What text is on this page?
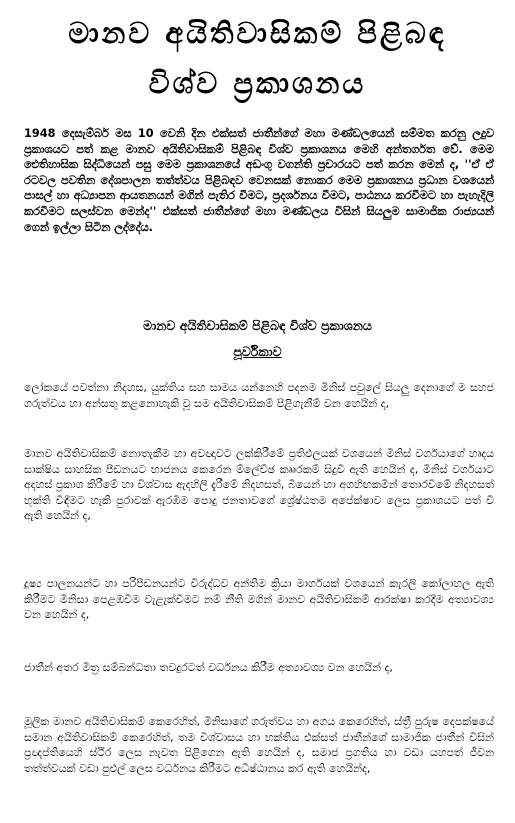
මානව අයිතිවාසිකම් පිළිබඳ
විශ්ව ප්‍රකාශනය

1948 දෙසැම්බර් මස 10 වෙනි දින එක්සත් ජාතීන්ගේ මහා මණ්ඩලයෙන් සම්මත කරනු ලදුව ප්‍රකාශයට පත් කළ මානව අයිතිවාසිකම් පිළිබඳ විශ්ව ප්‍රකාශනය මෙහි අන්තර්ගත වේ. මෙම ඓතිහාසික සිද්ධියෙන් පසු මෙම ප්‍රකාශනයේ අඩංගු වගන්ති ප්‍රචාරයට පත් කරන මෙන් ද, ''ඒ ඒ රටවල පවතින දේශපාලන තත්ත්වය පිළිබඳව වෙනසක් නොකර මෙම ප්‍රකාශනය ප්‍රධාන වශයෙන් පාසල් හා අධ්‍යාපන ආයතනයන් මගින් පැතිර වීමට, ප්‍රදර්ශනය වීමට, පාඨනය කරවීමට හා පැහැදිලි කරවීමට සලස්වන මෙන්ද'' එක්සත් ජාතීන්ගේ මහා මණ්ඩලය විසින් සියලුම සාමාජික රාජ්‍යයන් ගෙන් ඉල්ලා සිටින ලද්දේය.

මානව අයිතිවාසිකම් පිළිබඳ විශ්ව ප්‍රකාශනය

පූර්විකාව

ලෝකයේ පවත්නා නිදහස, යුක්තිය සහ සාමය යන්නෙහි පදනම මිනිස් පවුලේ සියලු දෙනාගේ ම සහජ ගරුත්වය හා අන්සතු කළනොහැකි වූ සම අයිතිවාසිකම් පිළිගැනීම් වන හෙයින් ද,

මානව අයිතිවාසිකම් නොතැකීම හා අවඥාවට ලක්කිරීමේ ප්‍රතිඵලයක් වශයෙන් මිනිස් වර්ගයාගේ හෘදය සාක්ෂිය සාහසික පීඩනයට භාජනය කෙරෙන ම්ලේච්ඡ කෲරකම් සිදුවී ඇති හෙයින් ද, මිනිස් වර්ගයාට අදහස් ප්‍රකාශ කිරීමේ හා විශ්වාස ඇදහිලි දැරීමේ නිදහසත්, බියෙන් හා අගහිඟකමින් තොරවීමේ නිදහසත් භුක්ති විඳීමට හැකි පුරාවක් ඇරඹීම පොදු ජනතාවගේ ශ්‍රේෂ්ඨතම අපේක්ෂාව ලෙස ප්‍රකාශයට පත් වී ඇති හෙයින් ද,

දූෂ්‍ය පාලනයන්ට හා පරිපීඩනයන්ට විරුද්ධව අන්තිම ක්‍රියා මාර්ගයක් වශයෙන් කැරලි කෝලාහල ඇති කිරීමට මිනිසා පෙළඹවීම වැළැක්වීමට නම් නීති මගින් මානව අයිතිවාසිකම් ආරක්ෂා කරදීම අත්‍යාවශ්‍ය වන හෙයින් ද,

ජාතීන් අතර මිත්‍ර සම්බන්ධතා තවදුරටත් වර්ධනය කිරීම අත්‍යාවශ්‍ය වන හෙයින් ද,

මූලික මානව අයිතිවාසිකම් කෙරෙහිත්, මිනිසාගේ ගරුත්වය හා අගය කෙරෙහිත්, ස්ත්‍රී පුරුෂ දෙපක්ෂයේ සමාන අයිතිවාසිකම් කෙරෙහිත්, තම විශ්වාසය හා භක්තිය එක්සත් ජාතීන්ගේ සාමාජික ජාතීන් විසින් ප්‍රඥප්තියෙහි ස්ථිර ලෙස නැවත පිළිගෙන ඇති හෙයින් ද, සමාජ ප්‍රගතිය හා වඩා යහපත් ජීවන තත්ත්වයක් වඩා පුළුල් ලෙස වර්ධනය කිරීමට අධිෂ්ඨානය කර ඇති හෙයින්ද,
